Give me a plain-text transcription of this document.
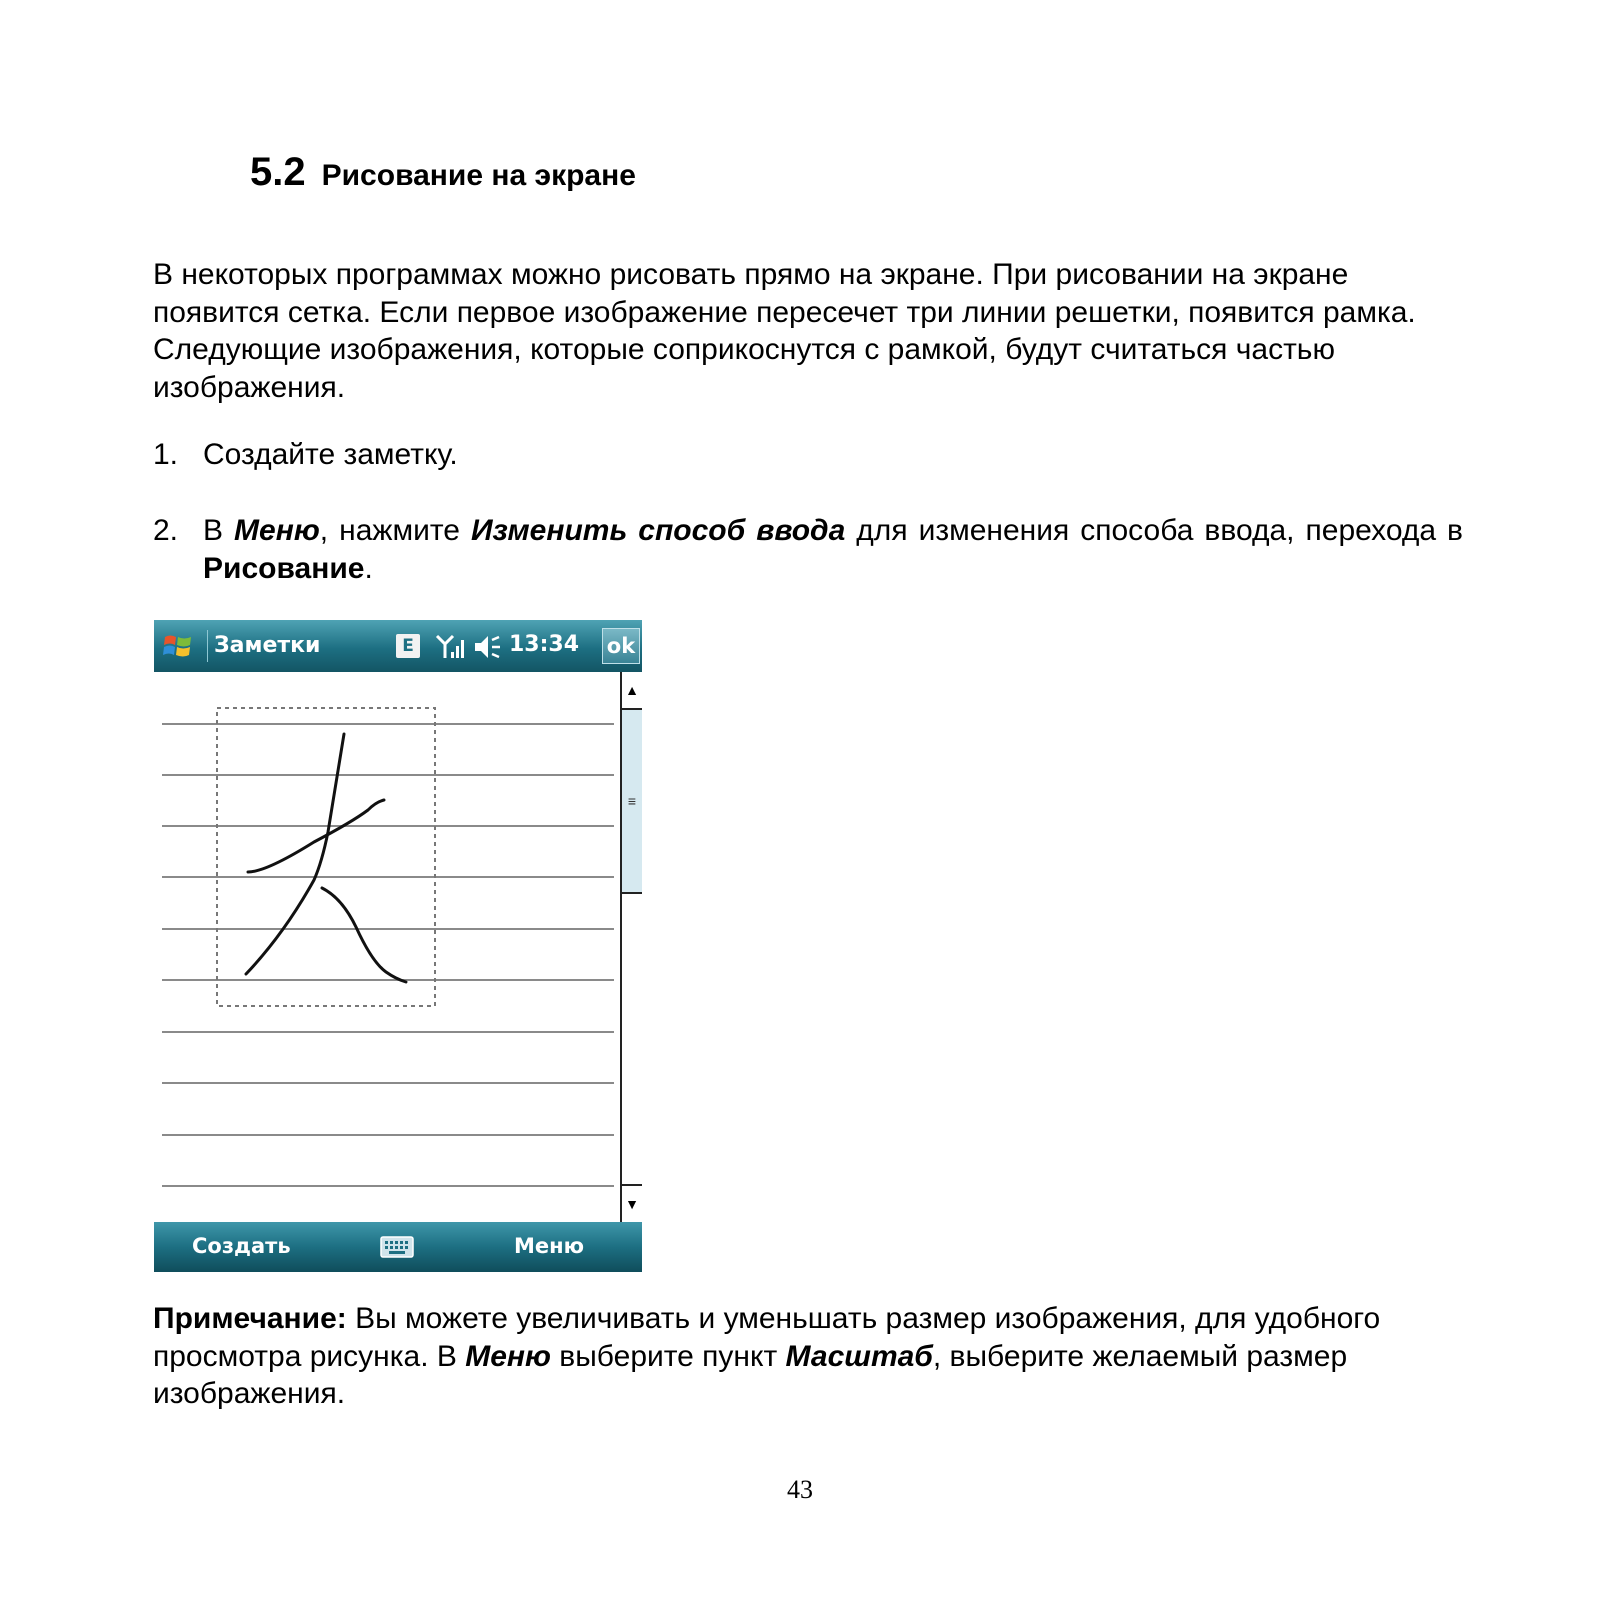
5.2 Рисование на экране
В некоторых программах можно рисовать прямо на экране. При рисовании на экране появится сетка. Если первое изображение пересечет три линии решетки, появится рамка. Следующие изображения, которые соприкоснутся с рамкой, будут считаться частью изображения.
1. Создайте заметку.
2. В Меню, нажмите Изменить способ ввода для изменения способа ввода, перехода в Рисование.
Заметки	E	13:34 ok
▲
≡
▼
Создать	Меню
Примечание: Вы можете увеличивать и уменьшать размер изображения, для удобного просмотра рисунка. В Меню выберите пункт Масштаб, выберите желаемый размер изображения.
43
